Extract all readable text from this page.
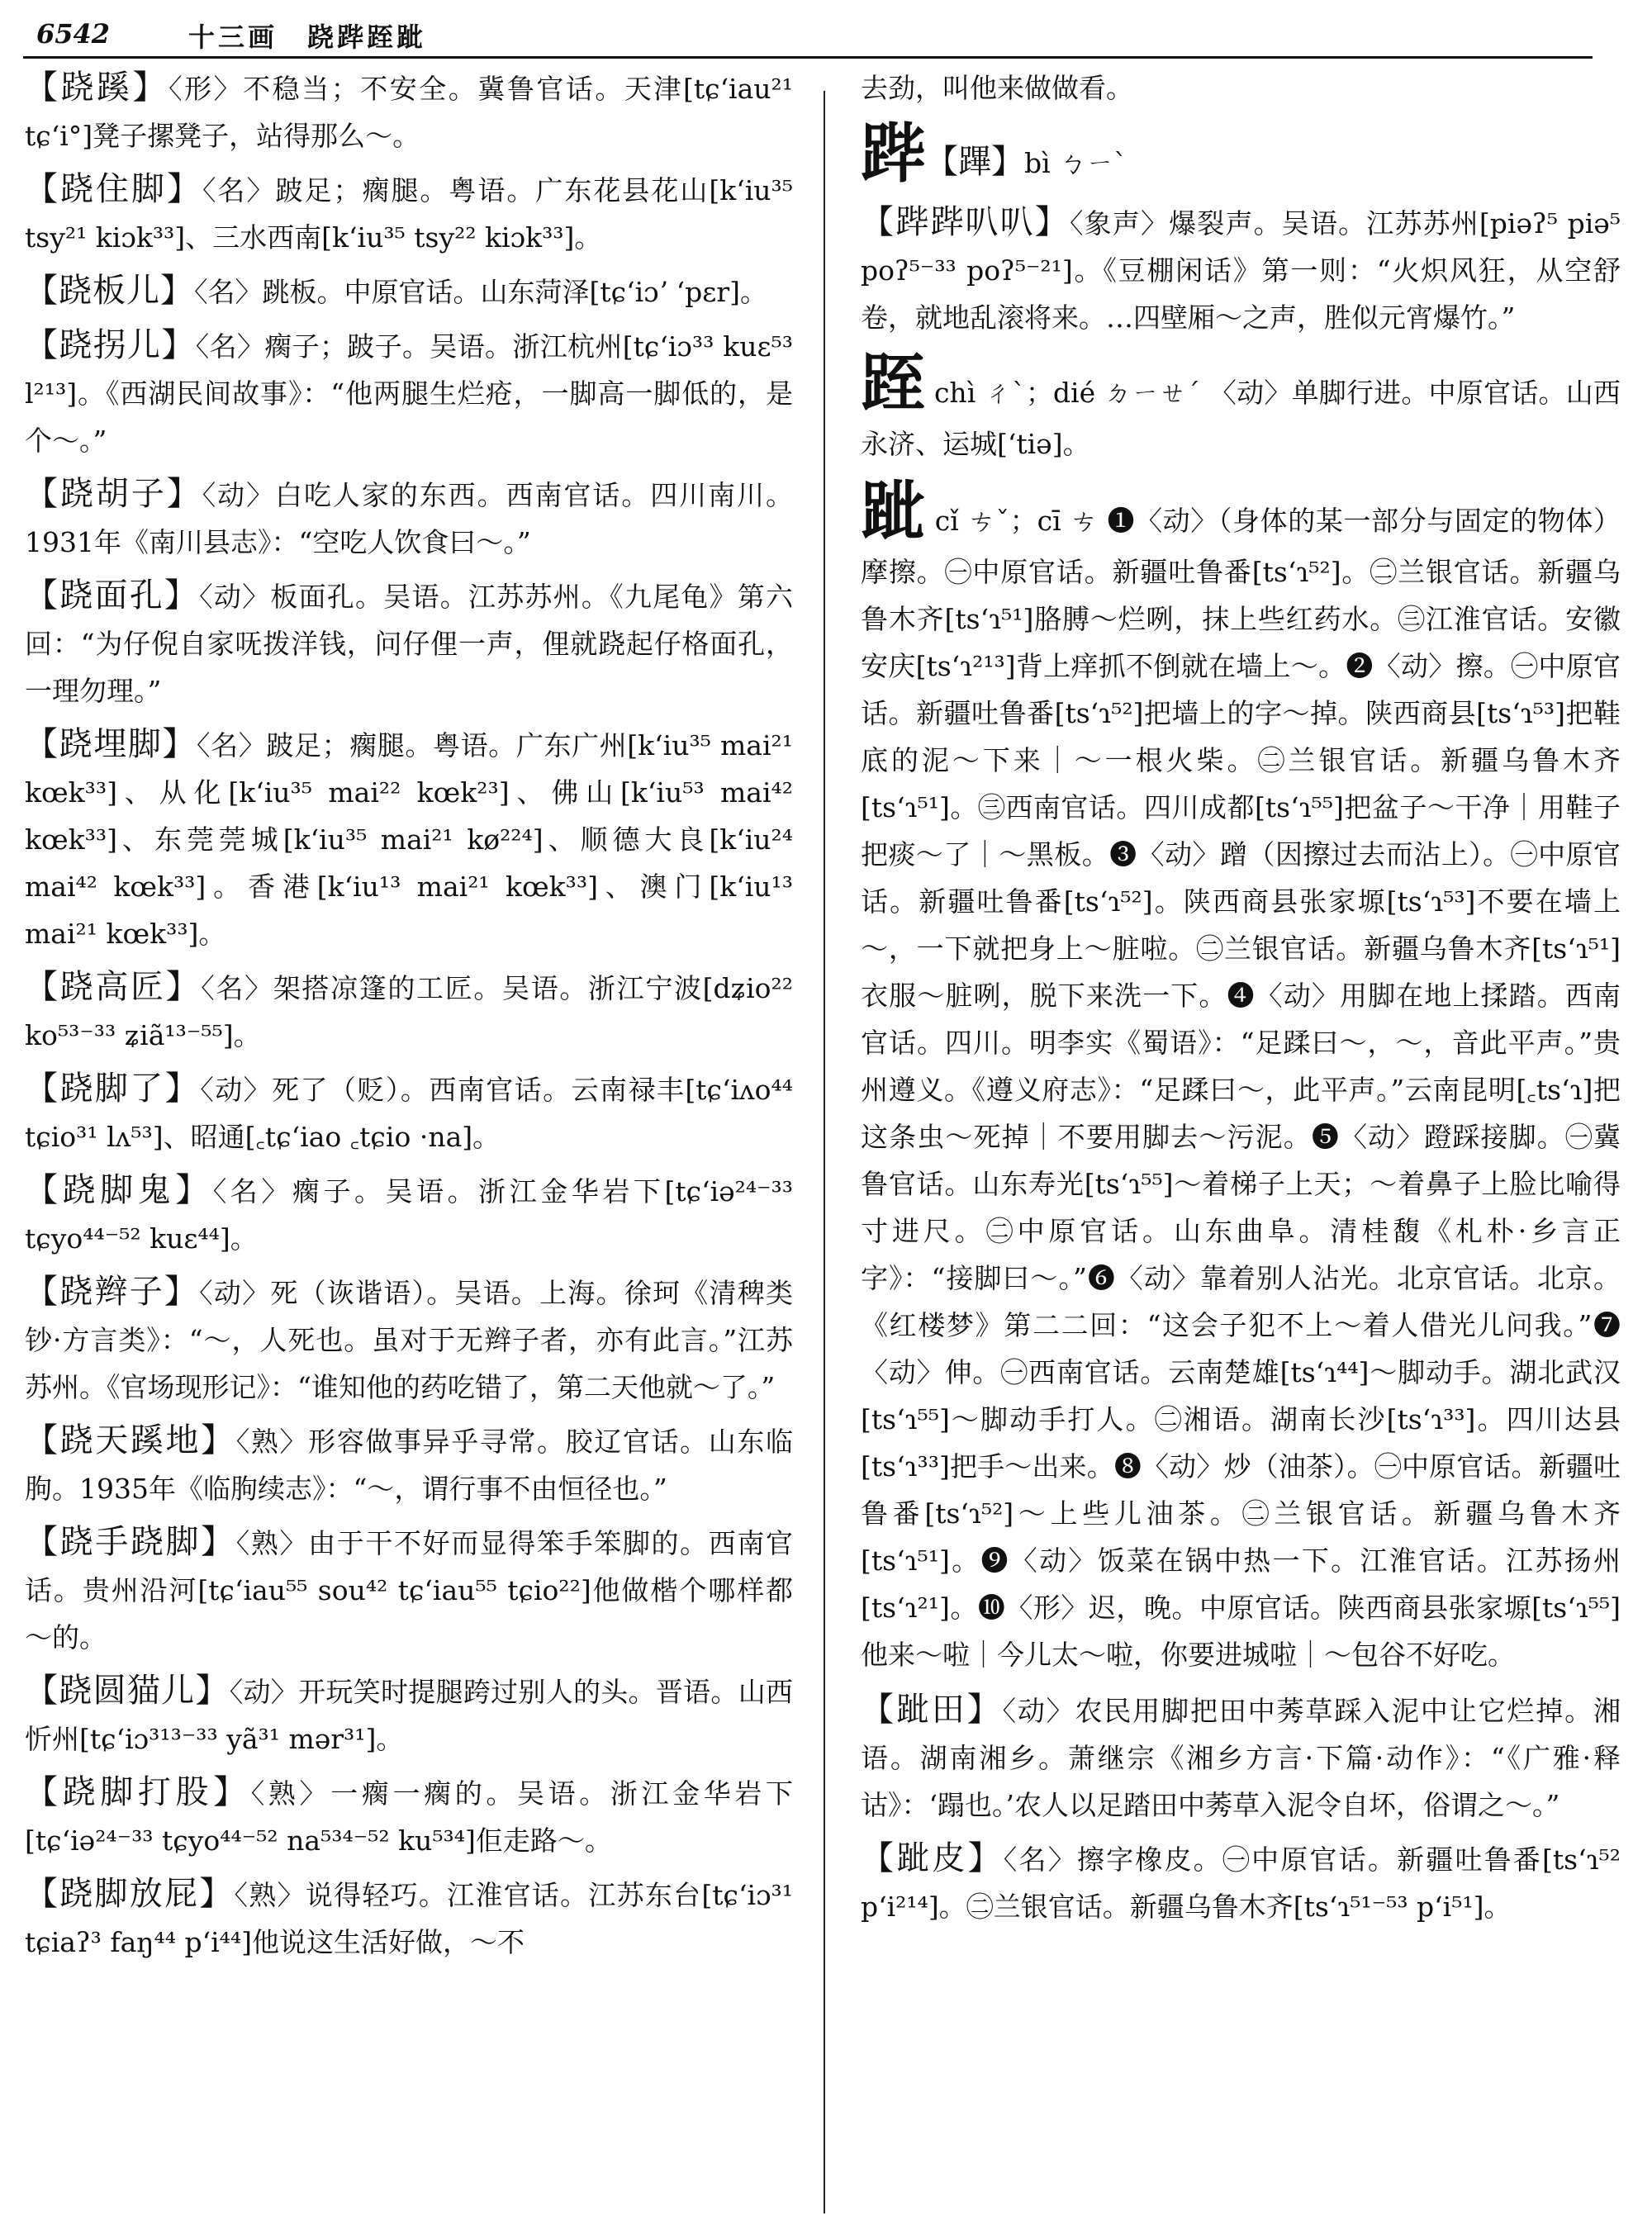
6542	十三画　跷跸跮跐
【跷蹊】〈形〉不稳当；不安全。冀鲁官话。天津[tɕʻiau²¹ tɕʻi°]凳子摞凳子，站得那么～。
【跷住脚】〈名〉跛足；瘸腿。粤语。广东花县花山[kʻiu³⁵ tsy²¹ kiɔk³³]、三水西南[kʻiu³⁵ tsy²² kiɔk³³]。
【跷板儿】〈名〉跳板。中原官话。山东菏泽[tɕʻiɔʼ ʻpɛr]。
【跷拐儿】〈名〉瘸子；跛子。吴语。浙江杭州[tɕʻiɔ³³ kuɛ⁵³ l²¹³]。《西湖民间故事》：“他两腿生烂疮，一脚高一脚低的，是个～。”
【跷胡子】〈动〉白吃人家的东西。西南官话。四川南川。1931年《南川县志》：“空吃人饮食曰～。”
【跷面孔】〈动〉板面孔。吴语。江苏苏州。《九尾龟》第六回：“为仔倪自家呒拨洋钱，问仔俚一声，俚就跷起仔格面孔，一理勿理。”
【跷埋脚】〈名〉跛足；瘸腿。粤语。广东广州[kʻiu³⁵ mai²¹ kœk³³]、从化[kʻiu³⁵ mai²² kœk²³]、佛山[kʻiu⁵³ mai⁴² kœk³³]、东莞莞城[kʻiu³⁵ mai²¹ kø²²⁴]、顺德大良[kʻiu²⁴ mai⁴² kœk³³]。香港[kʻiu¹³ mai²¹ kœk³³]、澳门[kʻiu¹³ mai²¹ kœk³³]。
【跷高匠】〈名〉架搭凉篷的工匠。吴语。浙江宁波[dʑio²² ko⁵³⁻³³ ʑiã¹³⁻⁵⁵]。
【跷脚了】〈动〉死了（贬）。西南官话。云南禄丰[tɕʻiʌo⁴⁴ tɕio³¹ lʌ⁵³]、昭通[꜀tɕʻiao ꜀tɕio ·na]。
【跷脚鬼】〈名〉瘸子。吴语。浙江金华岩下[tɕʻiə²⁴⁻³³ tɕyo⁴⁴⁻⁵² kuɛ⁴⁴]。
【跷辫子】〈动〉死（诙谐语）。吴语。上海。徐珂《清稗类钞·方言类》：“～，人死也。虽对于无辫子者，亦有此言。”江苏苏州。《官场现形记》：“谁知他的药吃错了，第二天他就～了。”
【跷天蹊地】〈熟〉形容做事异乎寻常。胶辽官话。山东临朐。1935年《临朐续志》：“～，谓行事不由恒径也。”
【跷手跷脚】〈熟〉由于干不好而显得笨手笨脚的。西南官话。贵州沿河[tɕʻiau⁵⁵ sou⁴² tɕʻiau⁵⁵ tɕio²²]他做楷个哪样都～的。
【跷圆猫儿】〈动〉开玩笑时提腿跨过别人的头。晋语。山西忻州[tɕʻiɔ³¹³⁻³³ yã³¹ mər³¹]。
【跷脚打股】〈熟〉一瘸一瘸的。吴语。浙江金华岩下[tɕʻiə²⁴⁻³³ tɕyo⁴⁴⁻⁵² na⁵³⁴⁻⁵² ku⁵³⁴]佢走路～。
【跷脚放屁】〈熟〉说得轻巧。江淮官话。江苏东台[tɕʻiɔ³¹ tɕiaʔ³ faŋ⁴⁴ pʻi⁴⁴]他说这生活好做，～不
去劲，叫他来做做看。
跸【蹕】bì ㄅㄧˋ
【跸跸叭叭】〈象声〉爆裂声。吴语。江苏苏州[piəʔ⁵ piə⁵ poʔ⁵⁻³³ poʔ⁵⁻²¹]。《豆棚闲话》第一则：“火炽风狂，从空舒卷，就地乱滚将来。…四壁厢～之声，胜似元宵爆竹。”
跮 chì ㄔˋ；dié ㄉㄧㄝˊ 〈动〉单脚行进。中原官话。山西永济、运城[ʻtiə]。
跐 cǐ ㄘˇ；cī ㄘ ❶〈动〉（身体的某一部分与固定的物体）摩擦。㊀中原官话。新疆吐鲁番[tsʻɿ⁵²]。㊁兰银官话。新疆乌鲁木齐[tsʻɿ⁵¹]胳膊～烂咧，抹上些红药水。㊂江淮官话。安徽安庆[tsʻɿ²¹³]背上痒抓不倒就在墙上～。❷〈动〉擦。㊀中原官话。新疆吐鲁番[tsʻɿ⁵²]把墙上的字～掉。陕西商县[tsʻɿ⁵³]把鞋底的泥～下来｜～一根火柴。㊁兰银官话。新疆乌鲁木齐[tsʻɿ⁵¹]。㊂西南官话。四川成都[tsʻɿ⁵⁵]把盆子～干净｜用鞋子把痰～了｜～黑板。❸〈动〉蹭（因擦过去而沾上）。㊀中原官话。新疆吐鲁番[tsʻɿ⁵²]。陕西商县张家塬[tsʻɿ⁵³]不要在墙上～，一下就把身上～脏啦。㊁兰银官话。新疆乌鲁木齐[tsʻɿ⁵¹]衣服～脏咧，脱下来洗一下。❹〈动〉用脚在地上揉踏。西南官话。四川。明李实《蜀语》：“足蹂曰～，～，音此平声。”贵州遵义。《遵义府志》：“足蹂曰～，此平声。”云南昆明[꜀tsʻɿ]把这条虫～死掉｜不要用脚去～污泥。❺〈动〉蹬踩接脚。㊀冀鲁官话。山东寿光[tsʻɿ⁵⁵]～着梯子上天；～着鼻子上脸比喻得寸进尺。㊁中原官话。山东曲阜。清桂馥《札朴·乡言正字》：“接脚曰～。”❻〈动〉靠着别人沾光。北京官话。北京。《红楼梦》第二二回：“这会子犯不上～着人借光儿问我。”❼〈动〉伸。㊀西南官话。云南楚雄[tsʻɿ⁴⁴]～脚动手。湖北武汉[tsʻɿ⁵⁵]～脚动手打人。㊁湘语。湖南长沙[tsʻɿ³³]。四川达县[tsʻɿ³³]把手～出来。❽〈动〉炒（油茶）。㊀中原官话。新疆吐鲁番[tsʻɿ⁵²]～上些儿油茶。㊁兰银官话。新疆乌鲁木齐[tsʻɿ⁵¹]。❾〈动〉饭菜在锅中热一下。江淮官话。江苏扬州[tsʻɿ²¹]。❿〈形〉迟，晚。中原官话。陕西商县张家塬[tsʻɿ⁵⁵]他来～啦｜今儿太～啦，你要进城啦｜～包谷不好吃。
【跐田】〈动〉农民用脚把田中莠草踩入泥中让它烂掉。湘语。湖南湘乡。萧继宗《湘乡方言·下篇·动作》：“《广雅·释诂》：‘蹋也。’农人以足踏田中莠草入泥令自坏，俗谓之～。”
【跐皮】〈名〉擦字橡皮。㊀中原官话。新疆吐鲁番[tsʻɿ⁵² pʻi²¹⁴]。㊁兰银官话。新疆乌鲁木齐[tsʻɿ⁵¹⁻⁵³ pʻi⁵¹]。
